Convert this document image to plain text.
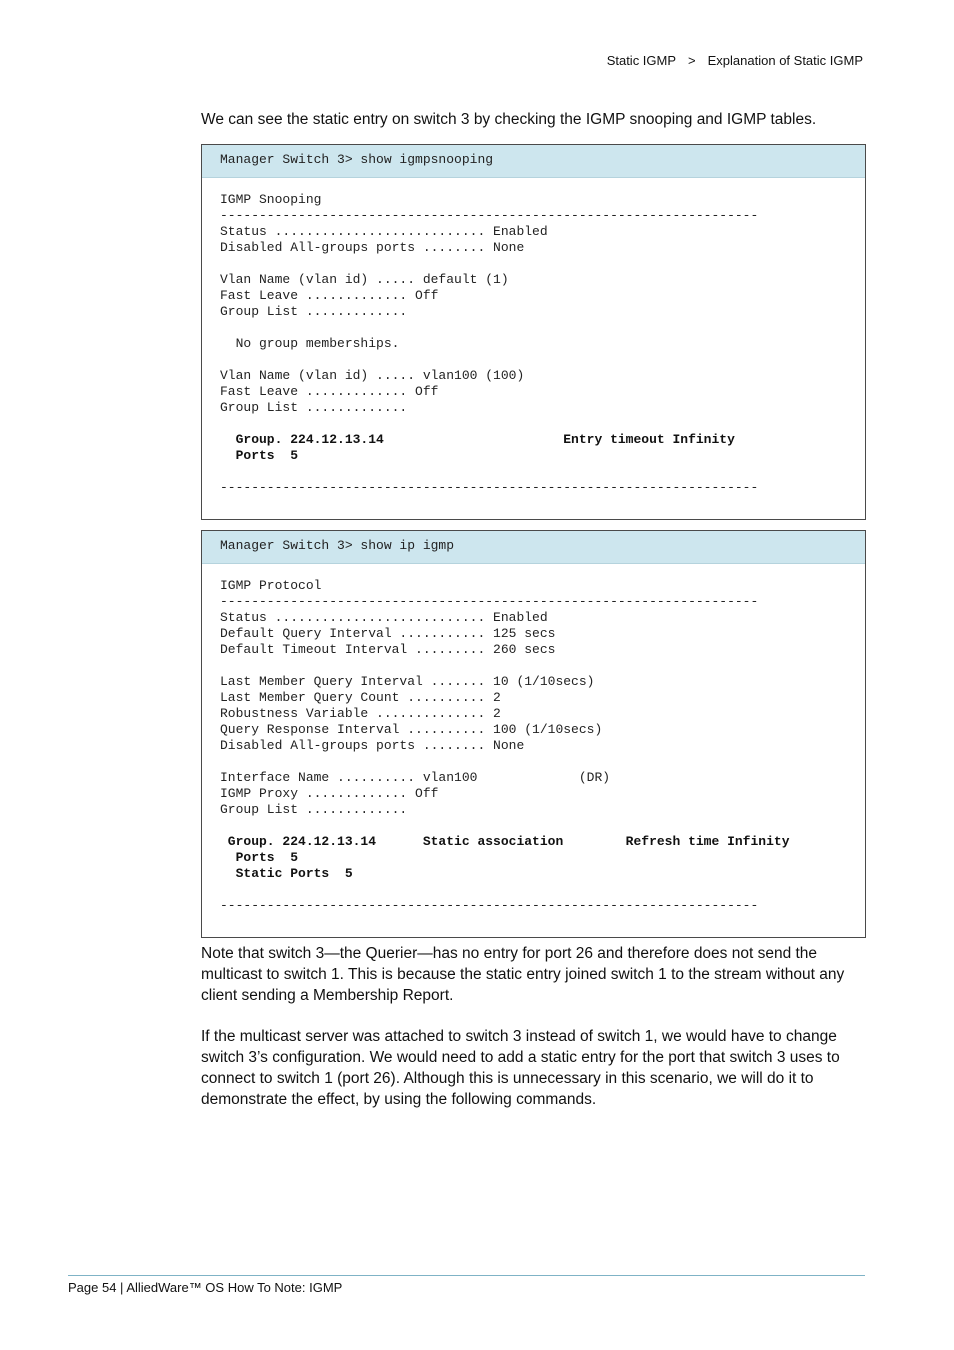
Static IGMP > Explanation of Static IGMP

We can see the static entry on switch 3 by checking the IGMP snooping and IGMP tables.

Manager Switch 3> show igmpsnooping
IGMP Snooping
---------------------------------------------------------------------
Status ........................... Enabled
Disabled All-groups ports ........ None

Vlan Name (vlan id) ..... default (1)
Fast Leave ............. Off
Group List .............

No group memberships.

Vlan Name (vlan id) ..... vlan100 (100)
Fast Leave ............. Off
Group List .............

Group. 224.12.13.14                       Entry timeout Infinity
Ports  5

---------------------------------------------------------------------

Manager Switch 3> show ip igmp
IGMP Protocol
---------------------------------------------------------------------
Status ........................... Enabled
Default Query Interval ........... 125 secs
Default Timeout Interval ......... 260 secs

Last Member Query Interval ....... 10 (1/10secs)
Last Member Query Count .......... 2
Robustness Variable .............. 2
Query Response Interval .......... 100 (1/10secs)
Disabled All-groups ports ........ None

Interface Name .......... vlan100             (DR)
IGMP Proxy ............. Off
Group List .............

Group. 224.12.13.14      Static association        Refresh time Infinity
Ports  5
Static Ports  5

---------------------------------------------------------------------

Note that switch 3—the Querier—has no entry for port 26 and therefore does not send the multicast to switch 1. This is because the static entry joined switch 1 to the stream without any client sending a Membership Report.

If the multicast server was attached to switch 3 instead of switch 1, we would have to change switch 3’s configuration. We would need to add a static entry for the port that switch 3 uses to connect to switch 1 (port 26). Although this is unnecessary in this scenario, we will do it to demonstrate the effect, by using the following commands.

Page 54 | AlliedWare™ OS How To Note: IGMP
